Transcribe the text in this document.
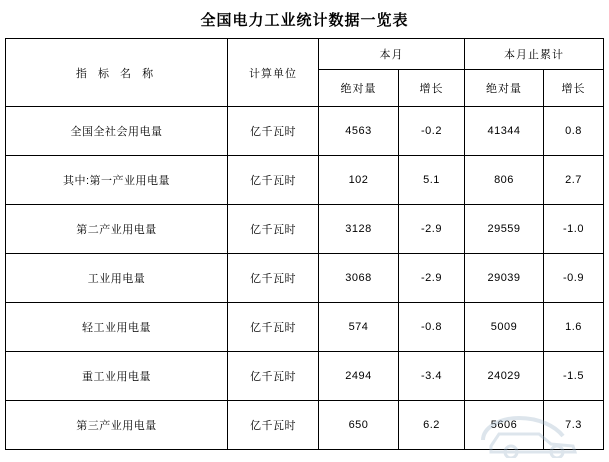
全国电力工业统计数据一览表
指 标 名 称	计算单位	本月		本月止累计	
		绝对量	增长	绝对量	增长
全国全社会用电量	亿千瓦时	4563	-0.2	41344	0.8
其中:第一产业用电量	亿千瓦时	102	5.1	806	2.7
第二产业用电量	亿千瓦时	3128	-2.9	29559	-1.0
工业用电量	亿千瓦时	3068	-2.9	29039	-0.9
轻工业用电量	亿千瓦时	574	-0.8	5009	1.6
重工业用电量	亿千瓦时	2494	-3.4	24029	-1.5
第三产业用电量	亿千瓦时	650	6.2	5606	7.3
